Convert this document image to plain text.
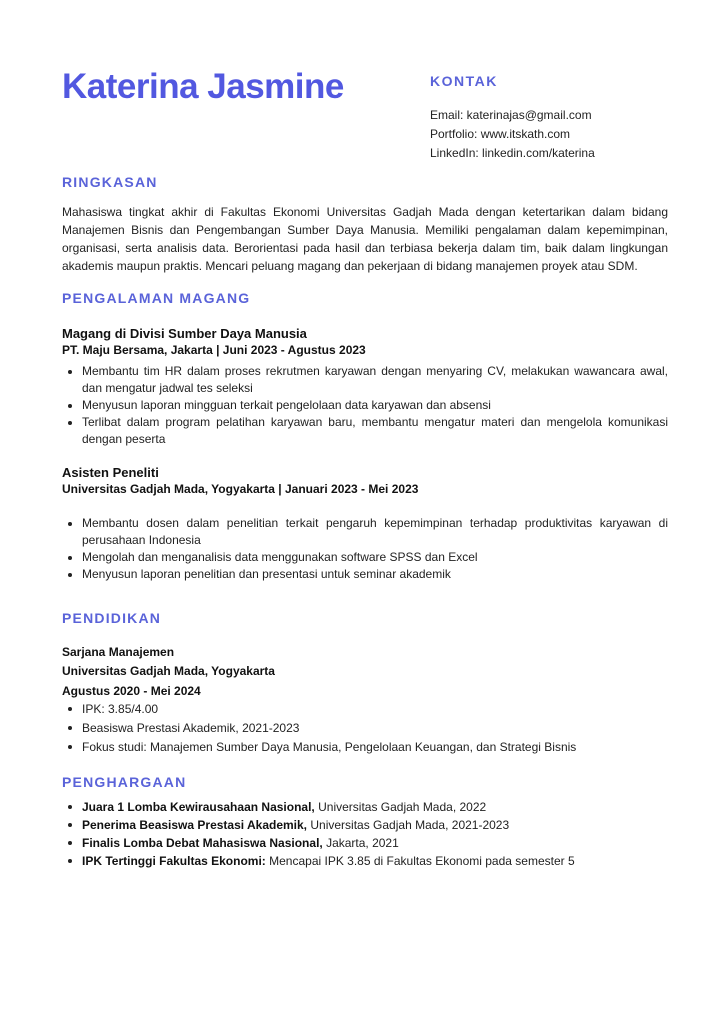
Katerina Jasmine	KONTAK
Email: katerinajas@gmail.com
Portfolio: www.itskath.com
LinkedIn: linkedin.com/katerina
RINGKASAN

Mahasiswa tingkat akhir di Fakultas Ekonomi Universitas Gadjah Mada dengan ketertarikan dalam bidang Manajemen Bisnis dan Pengembangan Sumber Daya Manusia. Memiliki pengalaman dalam kepemimpinan, organisasi, serta analisis data. Berorientasi pada hasil dan terbiasa bekerja dalam tim, baik dalam lingkungan akademis maupun praktis. Mencari peluang magang dan pekerjaan di bidang manajemen proyek atau SDM.

PENGALAMAN MAGANG
Magang di Divisi Sumber Daya Manusia
PT. Maju Bersama, Jakarta | Juni 2023 - Agustus 2023
Membantu tim HR dalam proses rekrutmen karyawan dengan menyaring CV, melakukan wawancara awal, dan mengatur jadwal tes seleksi
Menyusun laporan mingguan terkait pengelolaan data karyawan dan absensi
Terlibat dalam program pelatihan karyawan baru, membantu mengatur materi dan mengelola komunikasi dengan peserta
Asisten Peneliti
Universitas Gadjah Mada, Yogyakarta | Januari 2023 - Mei 2023
Membantu dosen dalam penelitian terkait pengaruh kepemimpinan terhadap produktivitas karyawan di perusahaan Indonesia
Mengolah dan menganalisis data menggunakan software SPSS dan Excel
Menyusun laporan penelitian dan presentasi untuk seminar akademik
PENDIDIKAN
Sarjana Manajemen
Universitas Gadjah Mada, Yogyakarta
Agustus 2020 - Mei 2024
IPK: 3.85/4.00
Beasiswa Prestasi Akademik, 2021-2023
Fokus studi: Manajemen Sumber Daya Manusia, Pengelolaan Keuangan, dan Strategi Bisnis
PENGHARGAAN
Juara 1 Lomba Kewirausahaan Nasional, Universitas Gadjah Mada, 2022
Penerima Beasiswa Prestasi Akademik, Universitas Gadjah Mada, 2021-2023
Finalis Lomba Debat Mahasiswa Nasional, Jakarta, 2021
IPK Tertinggi Fakultas Ekonomi: Mencapai IPK 3.85 di Fakultas Ekonomi pada semester 5
